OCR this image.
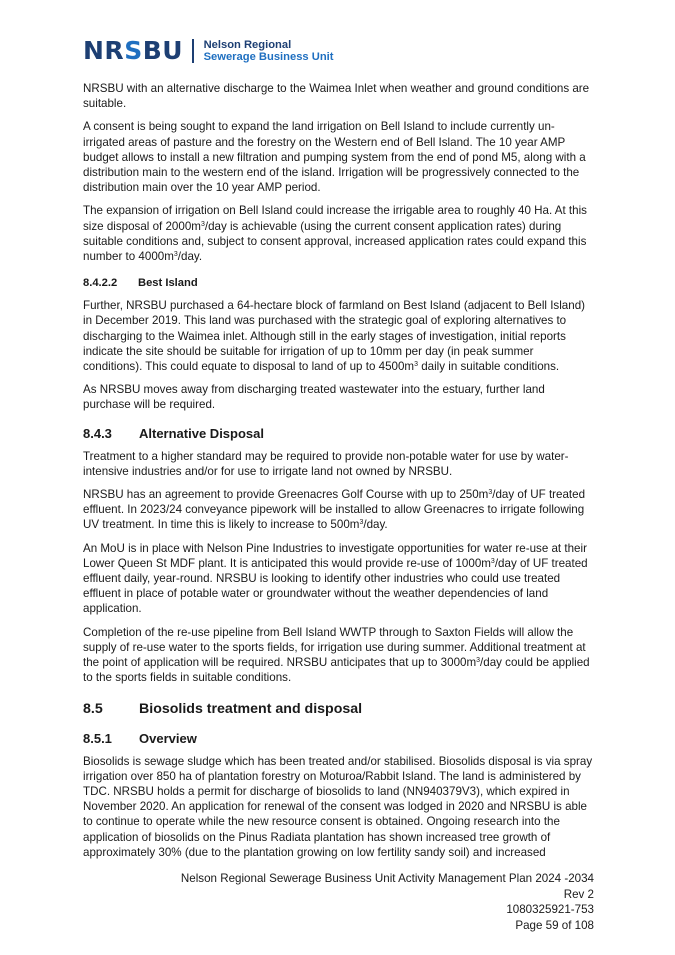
NRSBU Nelson Regional
Sewerage Business Unit

NRSBU with an alternative discharge to the Waimea Inlet when weather and ground conditions are suitable.

A consent is being sought to expand the land irrigation on Bell Island to include currently un-irrigated areas of pasture and the forestry on the Western end of Bell Island. The 10 year AMP budget allows to install a new filtration and pumping system from the end of pond M5, along with a distribution main to the western end of the island. Irrigation will be progressively connected to the distribution main over the 10 year AMP period.

The expansion of irrigation on Bell Island could increase the irrigable area to roughly 40 Ha. At this size disposal of $2000m^3$/day is achievable (using the current consent application rates) during suitable conditions and, subject to consent approval, increased application rates could expand this number to $4000m^3$/day.

8.4.2.2 Best Island

Further, NRSBU purchased a 64-hectare block of farmland on Best Island (adjacent to Bell Island) in December 2019. This land was purchased with the strategic goal of exploring alternatives to discharging to the Waimea inlet. Although still in the early stages of investigation, initial reports indicate the site should be suitable for irrigation of up to 10mm per day (in peak summer conditions). This could equate to disposal to land of up to $4500m^3$ daily in suitable conditions.

As NRSBU moves away from discharging treated wastewater into the estuary, further land purchase will be required.

8.4.3 Alternative Disposal

Treatment to a higher standard may be required to provide non-potable water for use by water-intensive industries and/or for use to irrigate land not owned by NRSBU.

NRSBU has an agreement to provide Greenacres Golf Course with up to $250m^3$/day of UF treated effluent. In 2023/24 conveyance pipework will be installed to allow Greenacres to irrigate following UV treatment. In time this is likely to increase to $500m^3$/day.

An MoU is in place with Nelson Pine Industries to investigate opportunities for water re-use at their Lower Queen St MDF plant. It is anticipated this would provide re-use of $1000m^3$/day of UF treated effluent daily, year-round. NRSBU is looking to identify other industries who could use treated effluent in place of potable water or groundwater without the weather dependencies of land application.

Completion of the re-use pipeline from Bell Island WWTP through to Saxton Fields will allow the supply of re-use water to the sports fields, for irrigation use during summer. Additional treatment at the point of application will be required. NRSBU anticipates that up to $3000m^3$/day could be applied to the sports fields in suitable conditions.

8.5	Biosolids treatment and disposal
8.5.1 Overview

Biosolids is sewage sludge which has been treated and/or stabilised. Biosolids disposal is via spray irrigation over 850 ha of plantation forestry on Moturoa/Rabbit Island. The land is administered by TDC. NRSBU holds a permit for discharge of biosolids to land (NN940379V3), which expired in November 2020. An application for renewal of the consent was lodged in 2020 and NRSBU is able to continue to operate while the new resource consent is obtained. Ongoing research into the application of biosolids on the Pinus Radiata plantation has shown increased tree growth of approximately 30% (due to the plantation growing on low fertility sandy soil) and increased

Nelson Regional Sewerage Business Unit Activity Management Plan 2024 -2034
Rev 2
1080325921-753
Page 59 of 108
